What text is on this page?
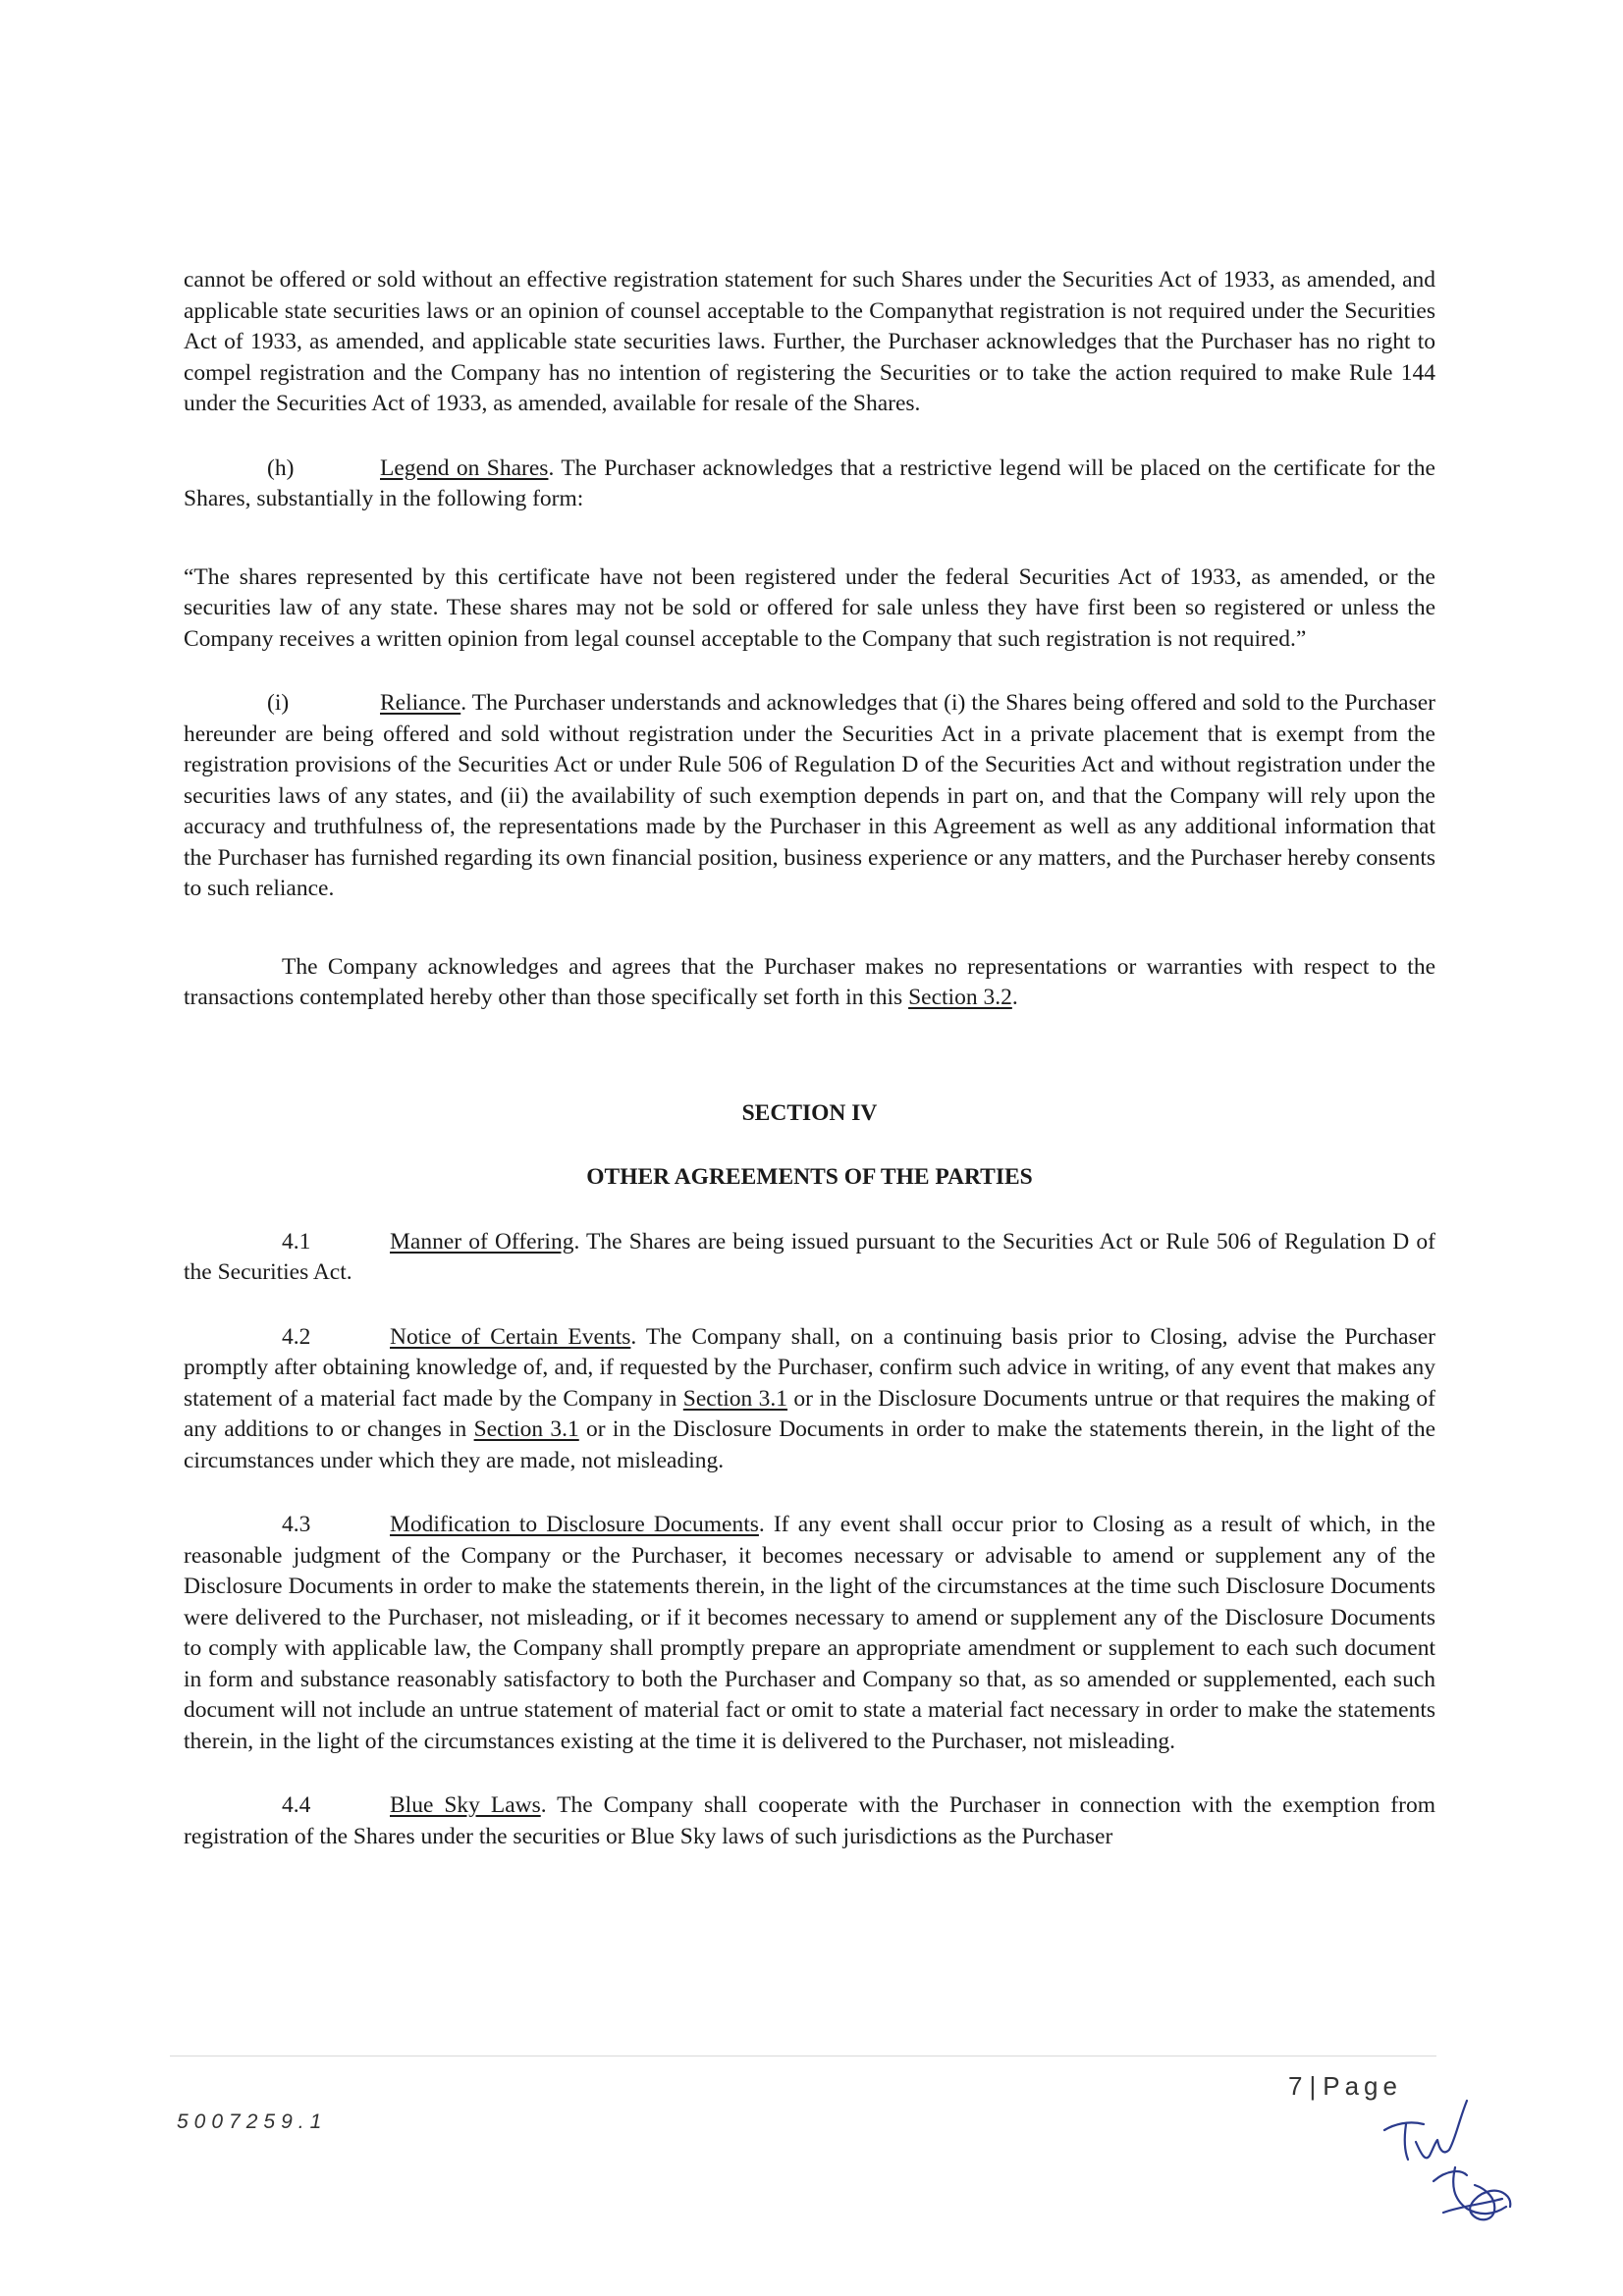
cannot be offered or sold without an effective registration statement for such Shares under the Securities Act of 1933, as amended, and applicable state securities laws or an opinion of counsel acceptable to the Companythat registration is not required under the Securities Act of 1933, as amended, and applicable state securities laws. Further, the Purchaser acknowledges that the Purchaser has no right to compel registration and the Company has no intention of registering the Securities or to take the action required to make Rule 144 under the Securities Act of 1933, as amended, available for resale of the Shares.

(h)	Legend on Shares. The Purchaser acknowledges that a restrictive legend will be placed on the certificate for the Shares, substantially in the following form:

“The shares represented by this certificate have not been registered under the federal Securities Act of 1933, as amended, or the securities law of any state. These shares may not be sold or offered for sale unless they have first been so registered or unless the Company receives a written opinion from legal counsel acceptable to the Company that such registration is not required.”

(i)	Reliance. The Purchaser understands and acknowledges that (i) the Shares being offered and sold to the Purchaser hereunder are being offered and sold without registration under the Securities Act in a private placement that is exempt from the registration provisions of the Securities Act or under Rule 506 of Regulation D of the Securities Act and without registration under the securities laws of any states, and (ii) the availability of such exemption depends in part on, and that the Company will rely upon the accuracy and truthfulness of, the representations made by the Purchaser in this Agreement as well as any additional information that the Purchaser has furnished regarding its own financial position, business experience or any matters, and the Purchaser hereby consents to such reliance.

The Company acknowledges and agrees that the Purchaser makes no representations or warranties with respect to the transactions contemplated hereby other than those specifically set forth in this Section 3.2.

SECTION IV

OTHER AGREEMENTS OF THE PARTIES

4.1	Manner of Offering. The Shares are being issued pursuant to the Securities Act or Rule 506 of Regulation D of the Securities Act.

4.2	Notice of Certain Events. The Company shall, on a continuing basis prior to Closing, advise the Purchaser promptly after obtaining knowledge of, and, if requested by the Purchaser, confirm such advice in writing, of any event that makes any statement of a material fact made by the Company in Section 3.1 or in the Disclosure Documents untrue or that requires the making of any additions to or changes in Section 3.1 or in the Disclosure Documents in order to make the statements therein, in the light of the circumstances under which they are made, not misleading.

4.3	Modification to Disclosure Documents. If any event shall occur prior to Closing as a result of which, in the reasonable judgment of the Company or the Purchaser, it becomes necessary or advisable to amend or supplement any of the Disclosure Documents in order to make the statements therein, in the light of the circumstances at the time such Disclosure Documents were delivered to the Purchaser, not misleading, or if it becomes necessary to amend or supplement any of the Disclosure Documents to comply with applicable law, the Company shall promptly prepare an appropriate amendment or supplement to each such document in form and substance reasonably satisfactory to both the Purchaser and Company so that, as so amended or supplemented, each such document will not include an untrue statement of material fact or omit to state a material fact necessary in order to make the statements therein, in the light of the circumstances existing at the time it is delivered to the Purchaser, not misleading.

4.4	Blue Sky Laws. The Company shall cooperate with the Purchaser in connection with the exemption from registration of the Shares under the securities or Blue Sky laws of such jurisdictions as the Purchaser

5007259.1
7 | Page
